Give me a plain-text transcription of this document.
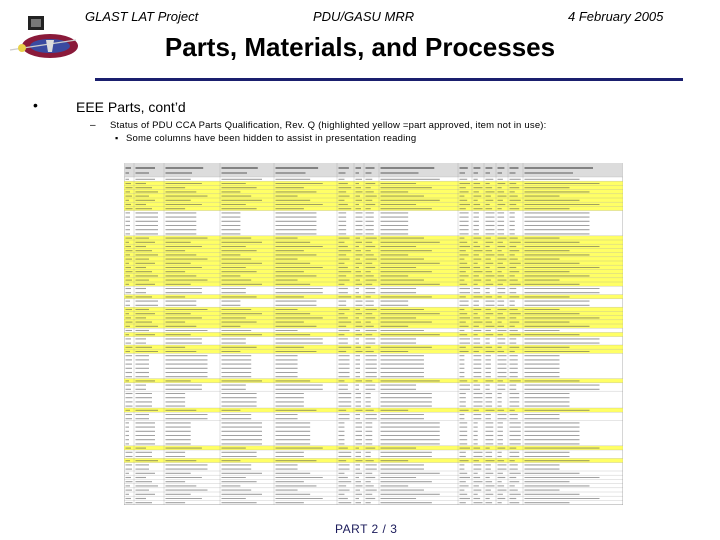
GLAST LAT Project	PDU/GASU MRR	4 February 2005
Parts, Materials, and Processes
•	EEE Parts, cont’d
– Status of PDU CCA Parts Qualification, Rev. Q (highlighted yellow =part approved, item not in use):
▪ Some columns have been hidden to assist in presentation reading
PART 2 / 3
